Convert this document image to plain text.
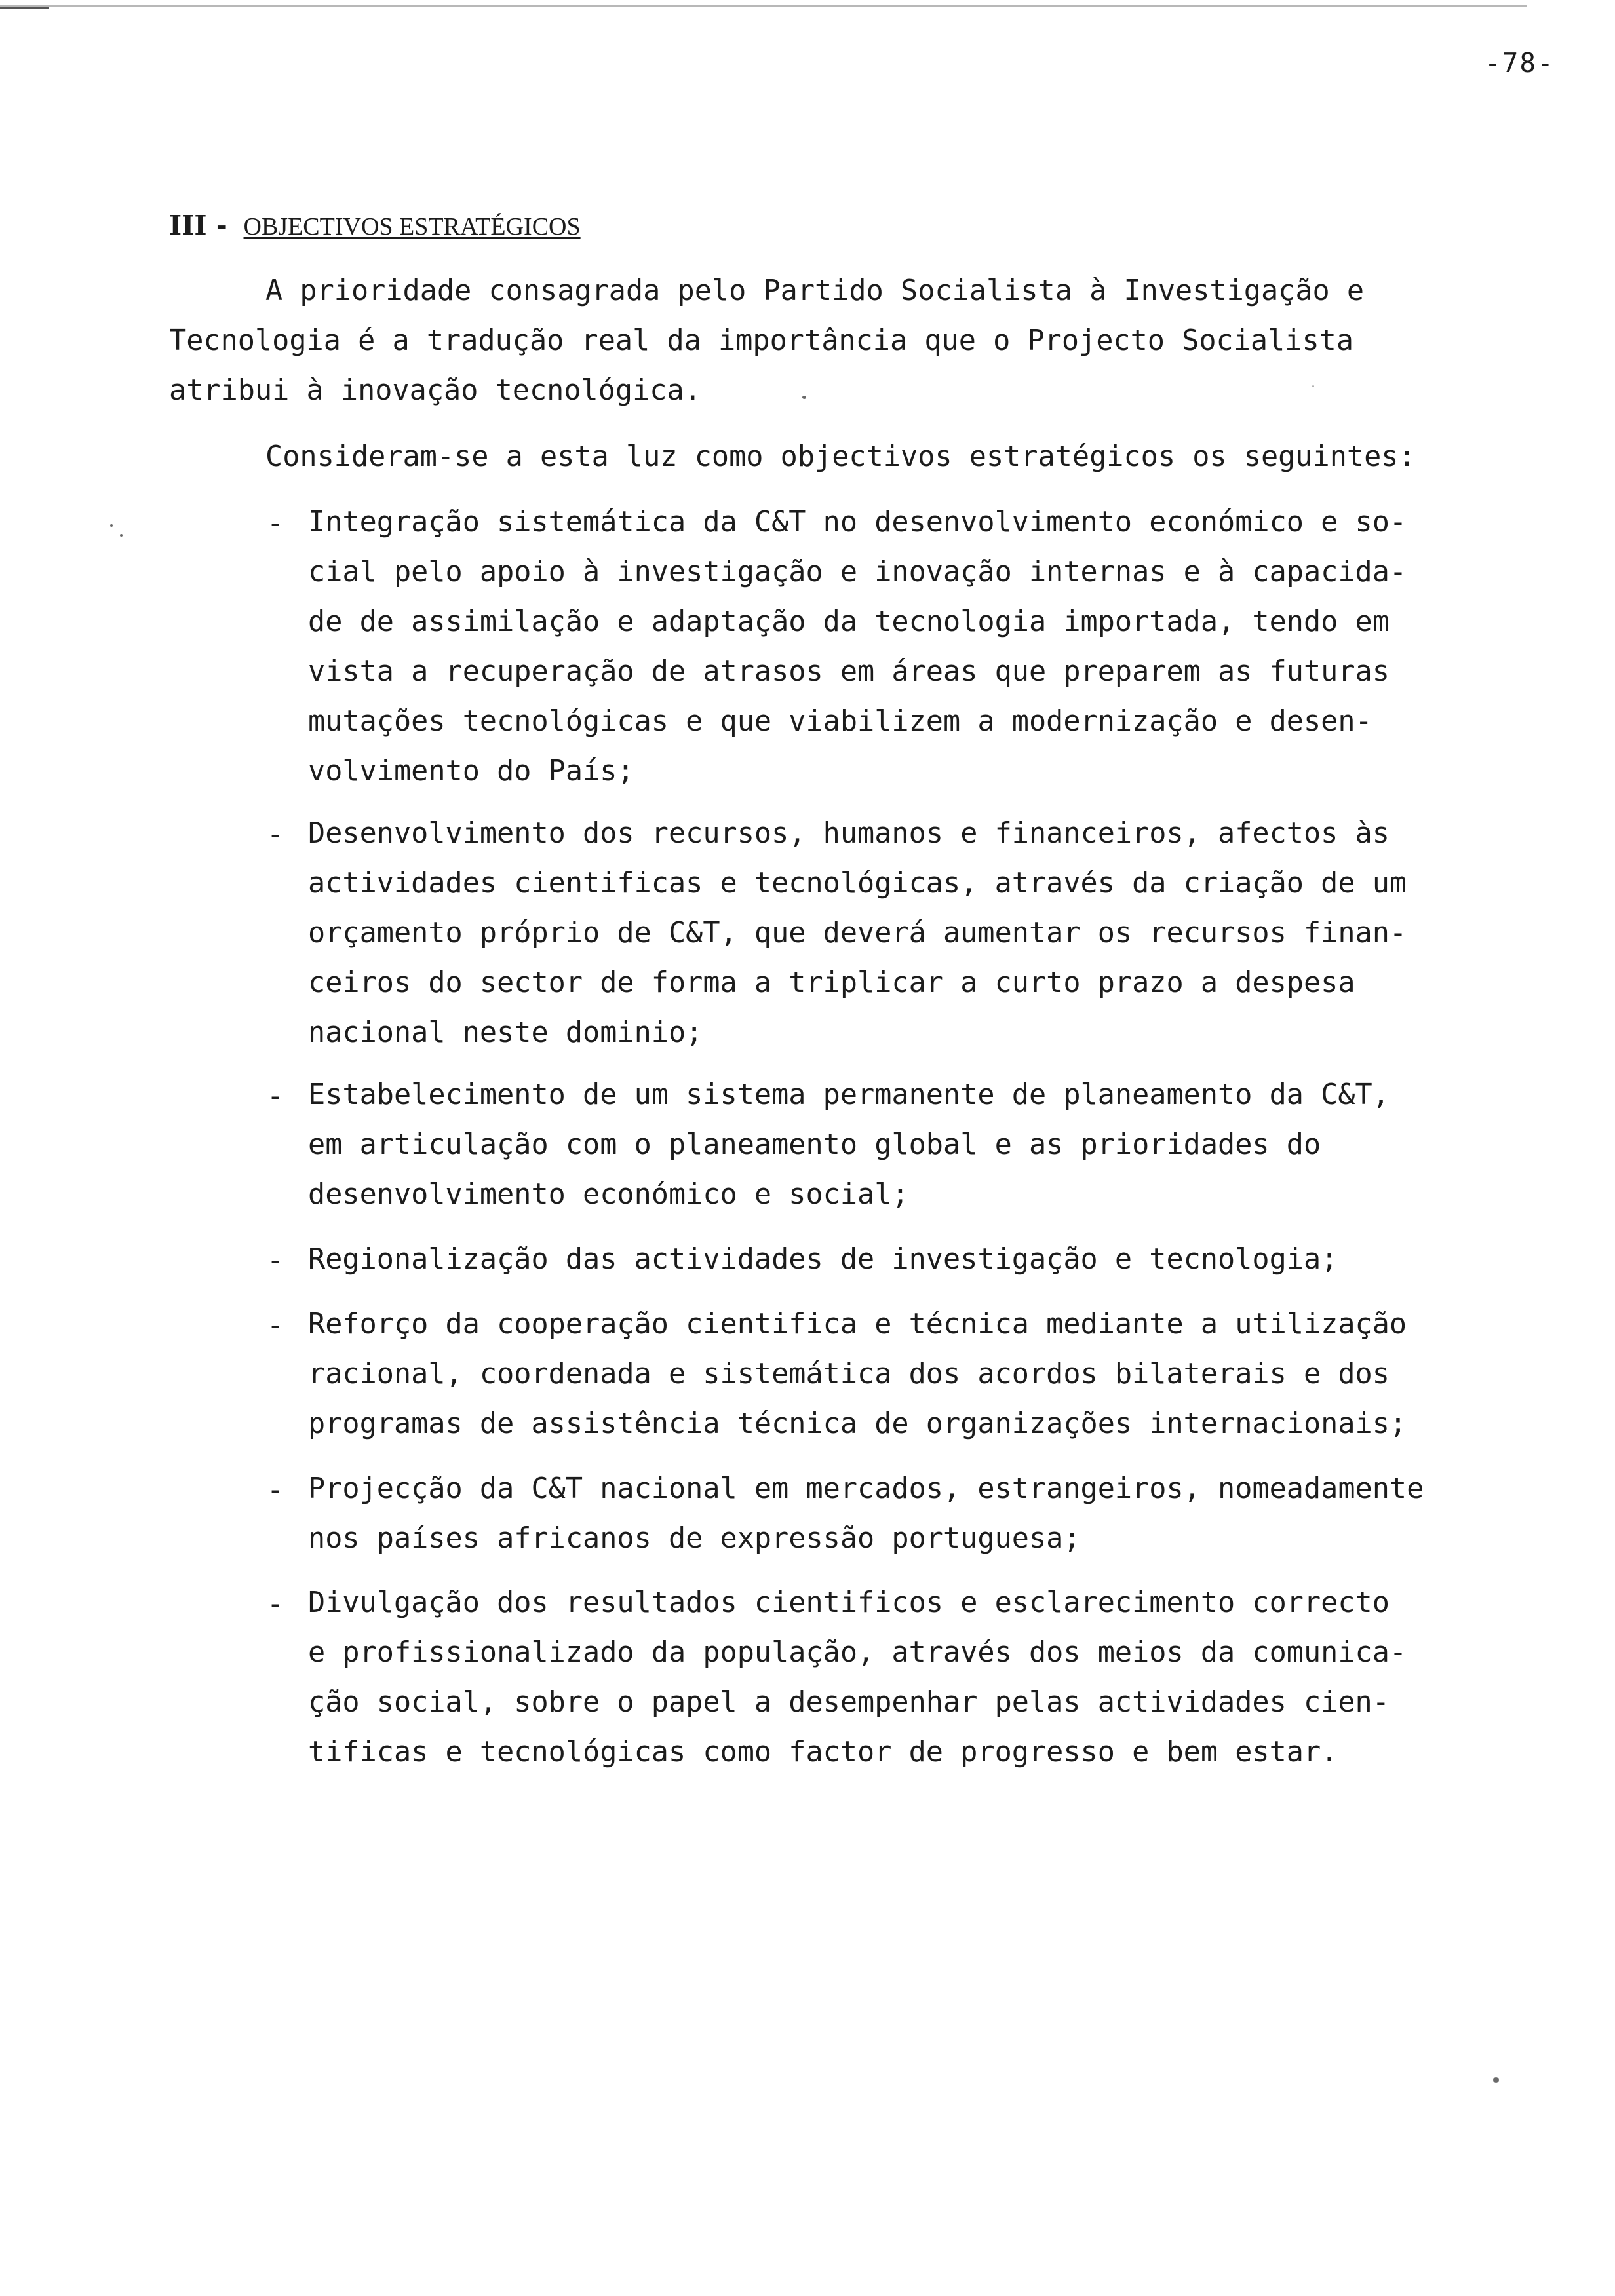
-78-
III - OBJECTIVOS ESTRATÉGICOS
A prioridade consagrada pelo Partido Socialista à Investigação e
Tecnologia é a tradução real da importância que o Projecto Socialista
atribui à inovação tecnológica.
Consideram-se a esta luz como objectivos estratégicos os seguintes:
- Integração sistemática da C&T no desenvolvimento económico e so-
cial pelo apoio à investigação e inovação internas e à capacida-
de de assimilação e adaptação da tecnologia importada, tendo em
vista a recuperação de atrasos em áreas que preparem as futuras
mutações tecnológicas e que viabilizem a modernização e desen-
volvimento do País;
- Desenvolvimento dos recursos, humanos e financeiros, afectos às
actividades cientificas e tecnológicas, através da criação de um
orçamento próprio de C&T, que deverá aumentar os recursos finan-
ceiros do sector de forma a triplicar a curto prazo a despesa
nacional neste dominio;
- Estabelecimento de um sistema permanente de planeamento da C&T,
em articulação com o planeamento global e as prioridades do
desenvolvimento económico e social;
- Regionalização das actividades de investigação e tecnologia;
- Reforço da cooperação cientifica e técnica mediante a utilização
racional, coordenada e sistemática dos acordos bilaterais e dos
programas de assistência técnica de organizações internacionais;
- Projecção da C&T nacional em mercados, estrangeiros, nomeadamente
nos países africanos de expressão portuguesa;
- Divulgação dos resultados cientificos e esclarecimento correcto
e profissionalizado da população, através dos meios da comunica-
ção social, sobre o papel a desempenhar pelas actividades cien-
tificas e tecnológicas como factor de progresso e bem estar.
